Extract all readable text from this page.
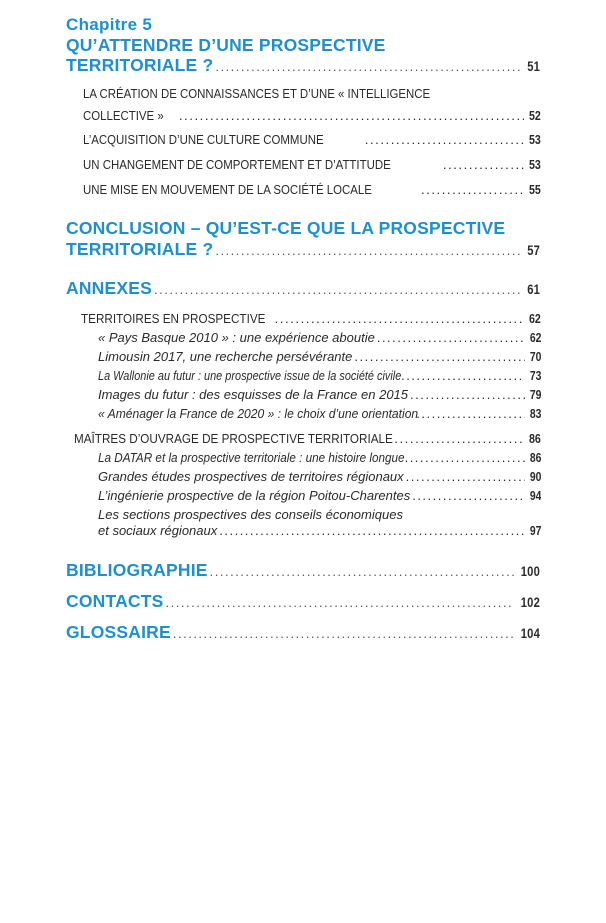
Chapitre 5
QU’ATTENDRE D’UNE PROSPECTIVE
TERRITORIALE ? .....	51
LA CRÉATION DE CONNAISSANCES ET D’UNE « INTELLIGENCE
COLLECTIVE » .....	52
L’ACQUISITION D’UNE CULTURE COMMUNE .....	53
UN CHANGEMENT DE COMPORTEMENT ET D’ATTITUDE .....	53
UNE MISE EN MOUVEMENT DE LA SOCIÉTÉ LOCALE .....	55
CONCLUSION – QU’EST-CE QUE LA PROSPECTIVE
TERRITORIALE ? .....	57
ANNEXES .....	61
TERRITOIRES EN PROSPECTIVE .....	62
« Pays Basque 2010 » : une expérience aboutie .....	62
Limousin 2017, une recherche persévérante .....	70
La Wallonie au futur : une prospective issue de la société civile .....	73
Images du futur : des esquisses de la France en 2015 .....	79
« Aménager la France de 2020 » : le choix d’une orientation .....	83
MAÎTRES D’OUVRAGE DE PROSPECTIVE TERRITORIALE .....	86
La DATAR et la prospective territoriale : une histoire longue .....	86
Grandes études prospectives de territoires régionaux .....	90
L’ingénierie prospective de la région Poitou-Charentes .....	94
Les sections prospectives des conseils économiques
et sociaux régionaux .....	97
BIBLIOGRAPHIE .....	100
CONTACTS .....	102
GLOSSAIRE .....	104
